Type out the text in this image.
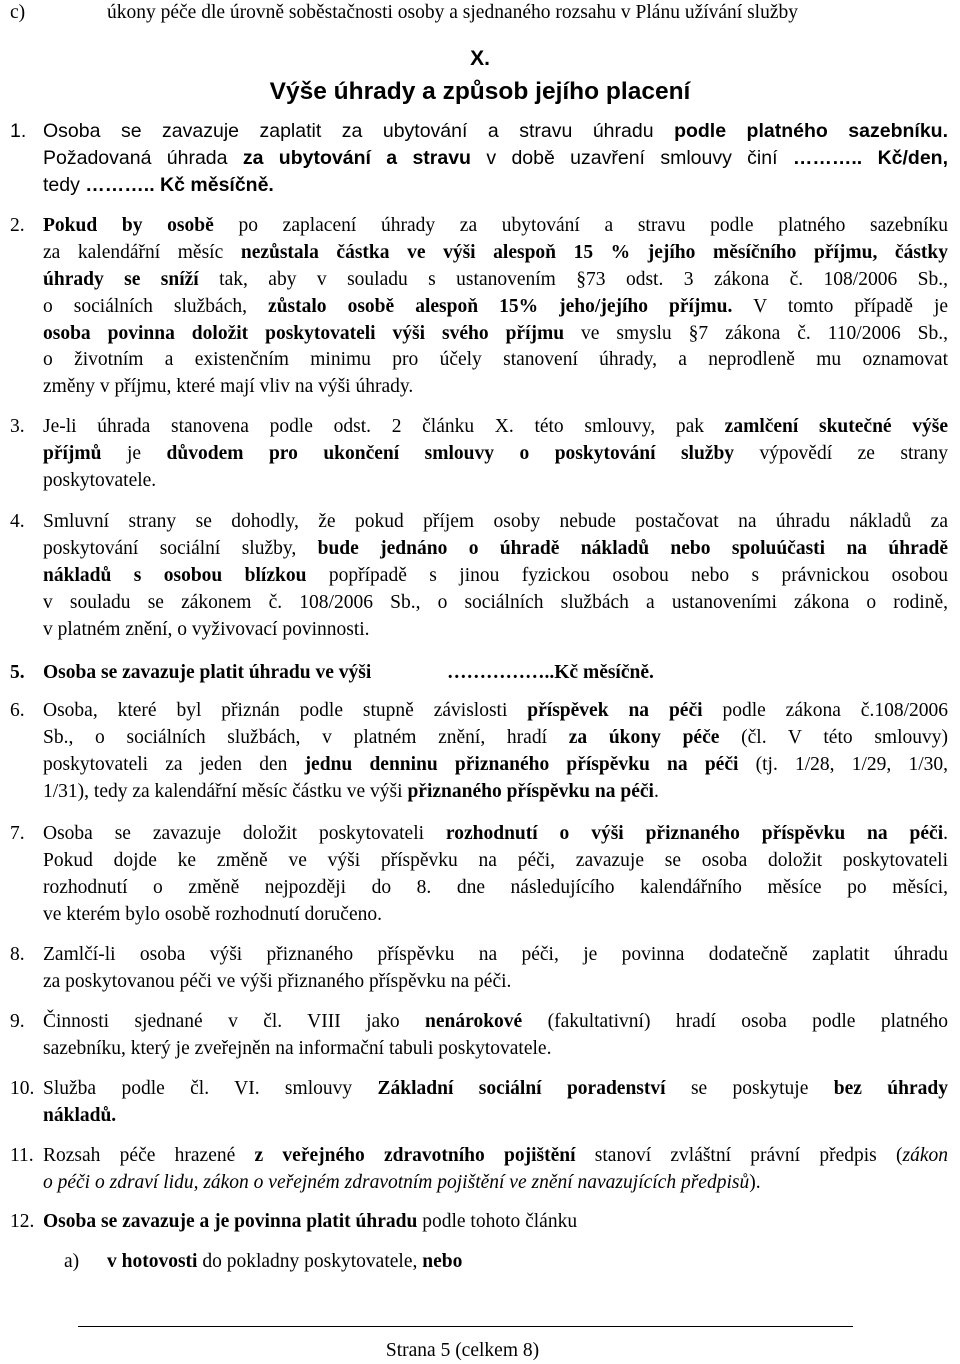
c)	úkony péče dle úrovně soběstačnosti osoby a sjednaného rozsahu v Plánu užívání služby
X.
Výše úhrady a způsob jejího placení
1. Osoba se zavazuje zaplatit za ubytování a stravu úhradu podle platného sazebníku.
Požadovaná úhrada za ubytování a stravu v době uzavření smlouvy činí ……….. Kč/den,
tedy ……….. Kč měsíčně.
2. Pokud by osobě po zaplacení úhrady za ubytování a stravu podle platného sazebníku
za kalendářní měsíc nezůstala částka ve výši alespoň 15 % jejího měsíčního příjmu, částky
úhrady se sníží tak, aby v souladu s ustanovením §73 odst. 3 zákona č. 108/2006 Sb.,
o sociálních službách, zůstalo osobě alespoň 15% jeho/jejího příjmu. V tomto případě je
osoba povinna doložit poskytovateli výši svého příjmu ve smyslu §7 zákona č. 110/2006 Sb.,
o životním a existenčním minimu pro účely stanovení úhrady, a neprodleně mu oznamovat
změny v příjmu, které mají vliv na výši úhrady.
3. Je-li úhrada stanovena podle odst. 2 článku X. této smlouvy, pak zamlčení skutečné výše
příjmů je důvodem pro ukončení smlouvy o poskytování služby výpovědí ze strany
poskytovatele.
4. Smluvní strany se dohodly, že pokud příjem osoby nebude postačovat na úhradu nákladů za
poskytování sociální služby, bude jednáno o úhradě nákladů nebo spoluúčasti na úhradě
nákladů s osobou blízkou popřípadě s jinou fyzickou osobou nebo s právnickou osobou
v souladu se zákonem č. 108/2006 Sb., o sociálních službách a ustanoveními zákona o rodině,
v platném znění, o vyživovací povinnosti.
5. Osoba se zavazuje platit úhradu ve výši	……………..Kč měsíčně.
6. Osoba, které byl přiznán podle stupně závislosti příspěvek na péči podle zákona č.108/2006
Sb., o sociálních službách, v platném znění, hradí za úkony péče (čl. V této smlouvy)
poskytovateli za jeden den jednu denninu přiznaného příspěvku na péči (tj. 1/28, 1/29, 1/30,
1/31), tedy za kalendářní měsíc částku ve výši přiznaného příspěvku na péči.
7. Osoba se zavazuje doložit poskytovateli rozhodnutí o výši přiznaného příspěvku na péči.
Pokud dojde ke změně ve výši příspěvku na péči, zavazuje se osoba doložit poskytovateli
rozhodnutí o změně nejpozději do 8. dne následujícího kalendářního měsíce po měsíci,
ve kterém bylo osobě rozhodnutí doručeno.
8. Zamlčí-li osoba výši přiznaného příspěvku na péči, je povinna dodatečně zaplatit úhradu
za poskytovanou péči ve výši přiznaného příspěvku na péči.
9. Činnosti sjednané v čl. VIII jako nenárokové (fakultativní) hradí osoba podle platného
sazebníku, který je zveřejněn na informační tabuli poskytovatele.
10. Služba podle čl. VI. smlouvy Základní sociální poradenství se poskytuje bez úhrady
nákladů.
11. Rozsah péče hrazené z veřejného zdravotního pojištění stanoví zvláštní právní předpis (zákon
o péči o zdraví lidu, zákon o veřejném zdravotním pojištění ve znění navazujících předpisů).
12. Osoba se zavazuje a je povinna platit úhradu podle tohoto článku
a) v hotovosti do pokladny poskytovatele, nebo
Strana 5 (celkem 8)
